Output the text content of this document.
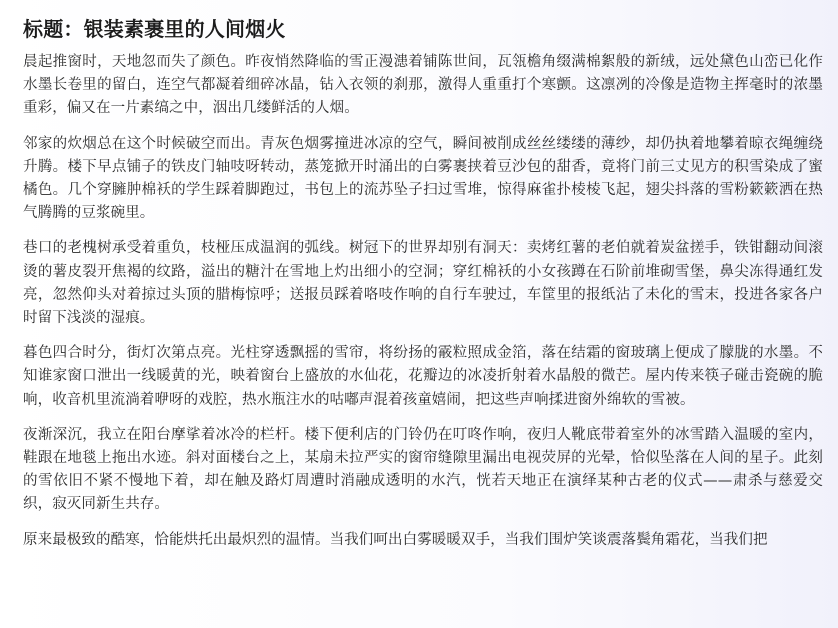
标题：银装素裹里的人间烟火

晨起推窗时，天地忽而失了颜色。昨夜悄然降临的雪正漫漶着铺陈世间，瓦瓴檐角缀满棉絮般的新绒，远处黛色山峦已化作水墨长卷里的留白，连空气都凝着细碎冰晶，钻入衣领的刹那，激得人重重打个寒颤。这凛冽的冷像是造物主挥毫时的浓墨重彩，偏又在一片素缟之中，洇出几缕鲜活的人烟。

邻家的炊烟总在这个时候破空而出。青灰色烟雾撞进冰凉的空气，瞬间被削成丝丝缕缕的薄纱，却仍执着地攀着晾衣绳缠绕升腾。楼下早点铺子的铁皮门轴吱呀转动，蒸笼掀开时涌出的白雾裹挟着豆沙包的甜香，竟将门前三丈见方的积雪染成了蜜橘色。几个穿臃肿棉袄的学生踩着脚跑过，书包上的流苏坠子扫过雪堆，惊得麻雀扑棱棱飞起，翅尖抖落的雪粉簌簌洒在热气腾腾的豆浆碗里。

巷口的老槐树承受着重负，枝桠压成温润的弧线。树冠下的世界却别有洞天：卖烤红薯的老伯就着炭盆搓手，铁钳翻动间滚烫的薯皮裂开焦褐的纹路，溢出的糖汁在雪地上灼出细小的空洞；穿红棉袄的小女孩蹲在石阶前堆砌雪堡，鼻尖冻得通红发亮，忽然仰头对着掠过头顶的腊梅惊呼；送报员踩着咯吱作响的自行车驶过，车筐里的报纸沾了未化的雪末，投进各家各户时留下浅淡的湿痕。

暮色四合时分，街灯次第点亮。光柱穿透飘摇的雪帘，将纷扬的霰粒照成金箔，落在结霜的窗玻璃上便成了朦胧的水墨。不知谁家窗口泄出一线暖黄的光，映着窗台上盛放的水仙花，花瓣边的冰凌折射着水晶般的微芒。屋内传来筷子碰击瓷碗的脆响，收音机里流淌着咿呀的戏腔，热水瓶注水的咕嘟声混着孩童嬉闹，把这些声响揉进窗外绵软的雪被。

夜渐深沉，我立在阳台摩挲着冰冷的栏杆。楼下便利店的门铃仍在叮咚作响，夜归人靴底带着室外的冰雪踏入温暖的室内，鞋跟在地毯上拖出水迹。斜对面楼台之上，某扇未拉严实的窗帘缝隙里漏出电视荧屏的光晕，恰似坠落在人间的星子。此刻的雪依旧不紧不慢地下着，却在触及路灯周遭时消融成透明的水汽，恍若天地正在演绎某种古老的仪式——肃杀与慈爱交织，寂灭同新生共存。

原来最极致的酷寒，恰能烘托出最炽烈的温情。当我们呵出白雾暖暖双手，当我们围炉笑谈震落鬓角霜花，当我们把
